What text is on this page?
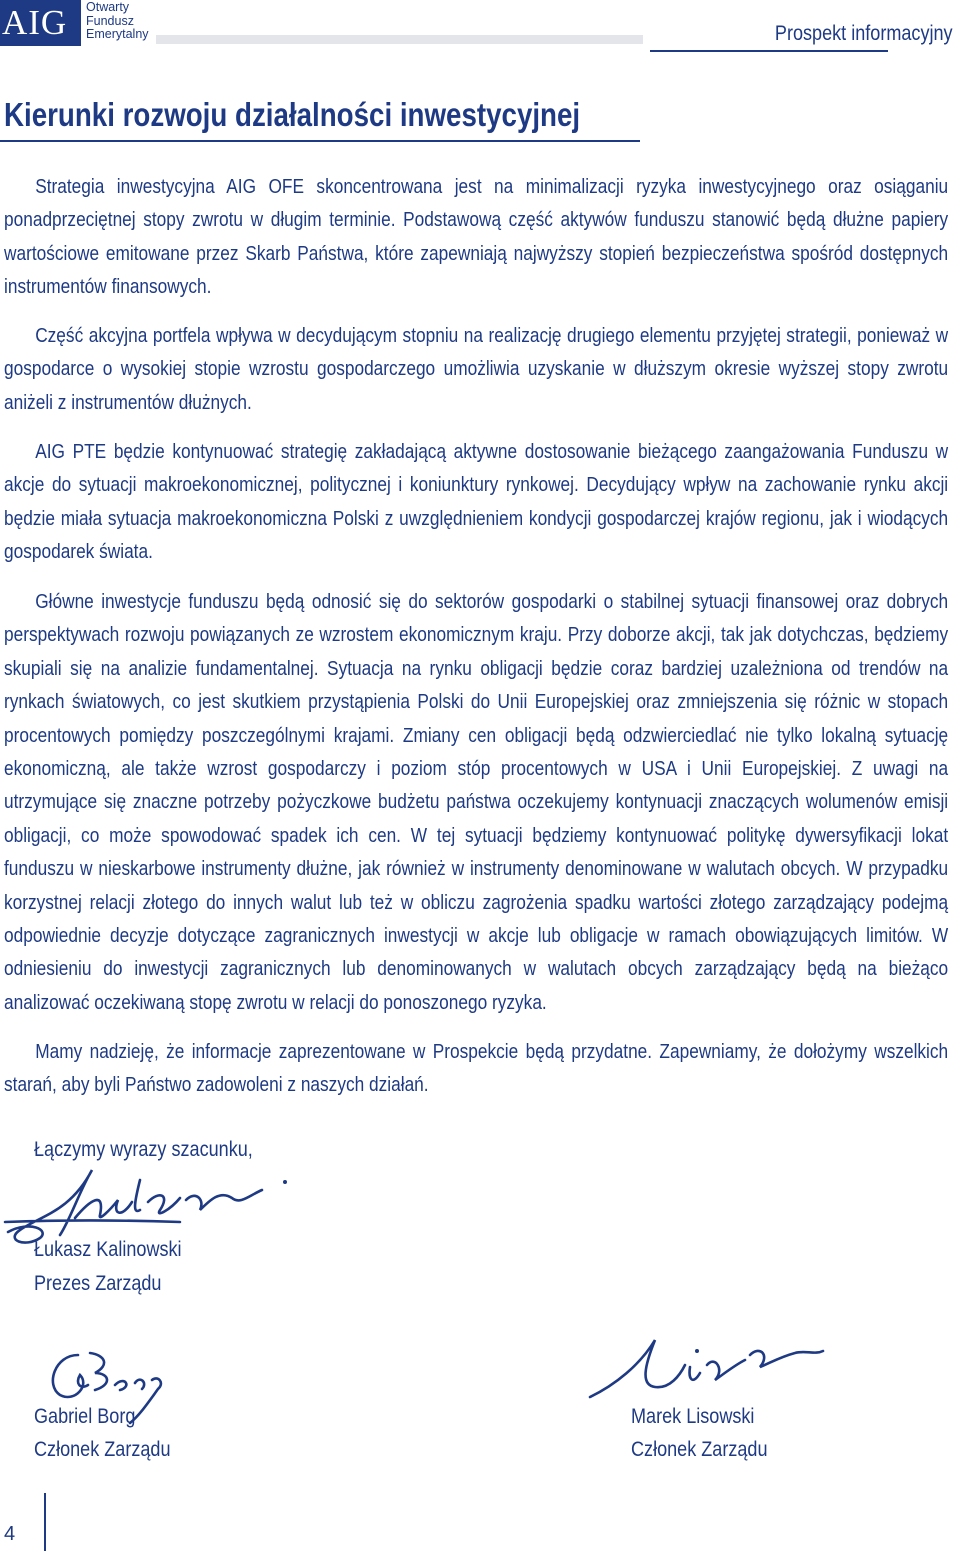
AIG Otwarty
Fundusz
Emerytalny	Prospekt informacyjny
Kierunki rozwoju działalności inwestycyjnej

Strategia inwestycyjna AIG OFE skoncentrowana jest na minimalizacji ryzyka inwestycyjnego oraz osiąganiu ponadprzeciętnej stopy zwrotu w długim terminie. Podstawową część aktywów funduszu stanowić będą dłużne papiery wartościowe emitowane przez Skarb Państwa, które zapewniają najwyższy stopień bezpieczeństwa spośród dostępnych instrumentów finansowych.

Część akcyjna portfela wpływa w decydującym stopniu na realizację drugiego elementu przyjętej strategii, ponieważ w gospodarce o wysokiej stopie wzrostu gospodarczego umożliwia uzyskanie w dłuższym okresie wyższej stopy zwrotu aniżeli z instrumentów dłużnych.

AIG PTE będzie kontynuować strategię zakładającą aktywne dostosowanie bieżącego zaangażowania Funduszu w akcje do sytuacji makroekonomicznej, politycznej i koniunktury rynkowej. Decydujący wpływ na zachowanie rynku akcji będzie miała sytuacja makroekonomiczna Polski z uwzględnieniem kondycji gospodarczej krajów regionu, jak i wiodących gospodarek świata.

Główne inwestycje funduszu będą odnosić się do sektorów gospodarki o stabilnej sytuacji finansowej oraz dobrych perspektywach rozwoju powiązanych ze wzrostem ekonomicznym kraju. Przy doborze akcji, tak jak dotychczas, będziemy skupiali się na analizie fundamentalnej. Sytuacja na rynku obligacji będzie coraz bardziej uzależniona od trendów na rynkach światowych, co jest skutkiem przystąpienia Polski do Unii Europejskiej oraz zmniejszenia się różnic w stopach procentowych pomiędzy poszczególnymi krajami. Zmiany cen obligacji będą odzwierciedlać nie tylko lokalną sytuację ekonomiczną, ale także wzrost gospodarczy i poziom stóp procentowych w USA i Unii Europejskiej. Z uwagi na utrzymujące się znaczne potrzeby pożyczkowe budżetu państwa oczekujemy kontynuacji znaczących wolumenów emisji obligacji, co może spowodować spadek ich cen. W tej sytuacji będziemy kontynuować politykę dywersyfikacji lokat funduszu w nieskarbowe instrumenty dłużne, jak również w instrumenty denominowane w walutach obcych. W przypadku korzystnej relacji złotego do innych walut lub też w obliczu zagrożenia spadku wartości złotego zarządzający podejmą odpowiednie decyzje dotyczące zagranicznych inwestycji w akcje lub obligacje w ramach obowiązujących limitów. W odniesieniu do inwestycji zagranicznych lub denominowanych w walutach obcych zarządzający będą na bieżąco analizować oczekiwaną stopę zwrotu w relacji do ponoszonego ryzyka.

Mamy nadzieję, że informacje zaprezentowane w Prospekcie będą przydatne. Zapewniamy, że dołożymy wszelkich starań, aby byli Państwo zadowoleni z naszych działań.

Łączymy wyrazy szacunku,
Łukasz Kalinowski
Prezes Zarządu
Gabriel Borg
Członek Zarządu
Marek Lisowski
Członek Zarządu
4
